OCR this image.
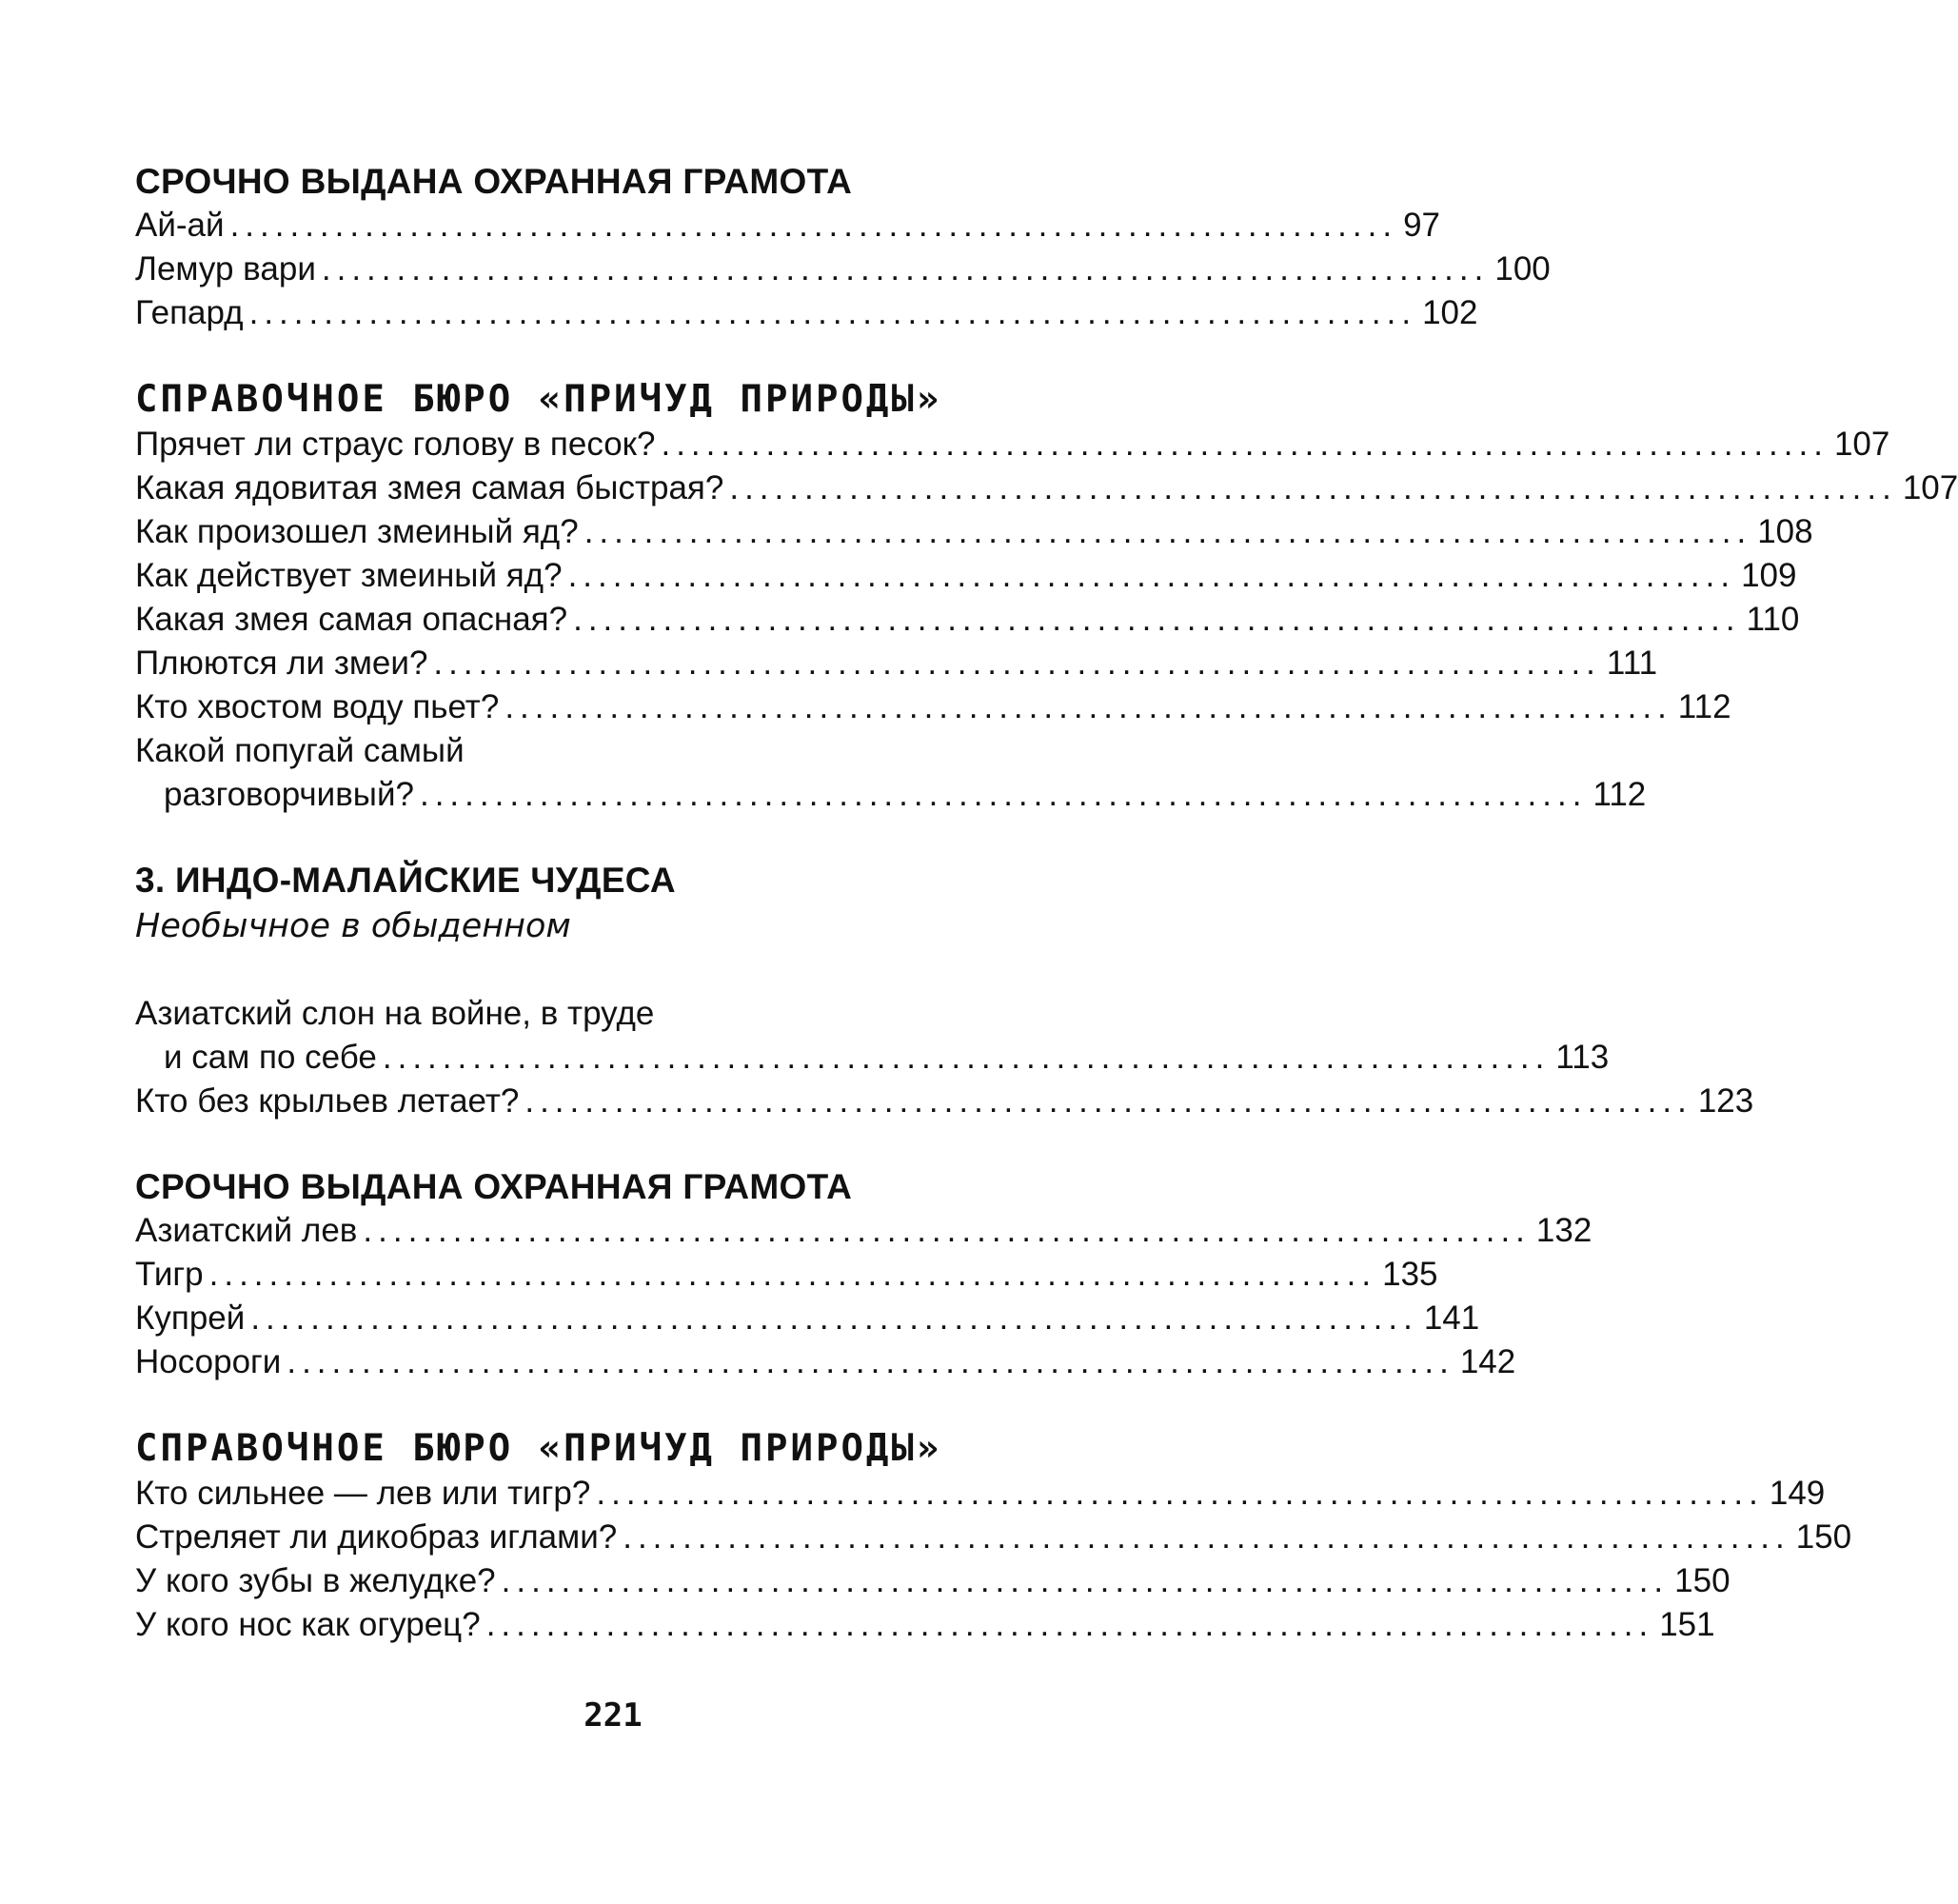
СРОЧНО ВЫДАНА ОХРАННАЯ ГРАМОТА
Ай-ай .............................................................................. 97
Лемур вари .............................................................................. 100
Гепард .............................................................................. 102
СПРАВОЧНОЕ БЮРО «ПРИЧУД ПРИРОДЫ»
Прячет ли страус голову в песок? .............................................................................. 107
Какая ядовитая змея самая быстрая? .............................................................................. 107
Как произошел змеиный яд? .............................................................................. 108
Как действует змеиный яд? .............................................................................. 109
Какая змея самая опасная? .............................................................................. 110
Плюются ли змеи? .............................................................................. 111
Кто хвостом воду пьет? .............................................................................. 112
Какой попугай самый
разговорчивый? .............................................................................. 112
3. ИНДО-МАЛАЙСКИЕ ЧУДЕСА
Необычное в обыденном
Азиатский слон на войне, в труде
и сам по себе .............................................................................. 113
Кто без крыльев летает? .............................................................................. 123
СРОЧНО ВЫДАНА ОХРАННАЯ ГРАМОТА
Азиатский лев .............................................................................. 132
Тигр .............................................................................. 135
Купрей .............................................................................. 141
Носороги .............................................................................. 142
СПРАВОЧНОЕ БЮРО «ПРИЧУД ПРИРОДЫ»
Кто сильнее — лев или тигр? .............................................................................. 149
Стреляет ли дикобраз иглами? .............................................................................. 150
У кого зубы в желудке? .............................................................................. 150
У кого нос как огурец? .............................................................................. 151
221
